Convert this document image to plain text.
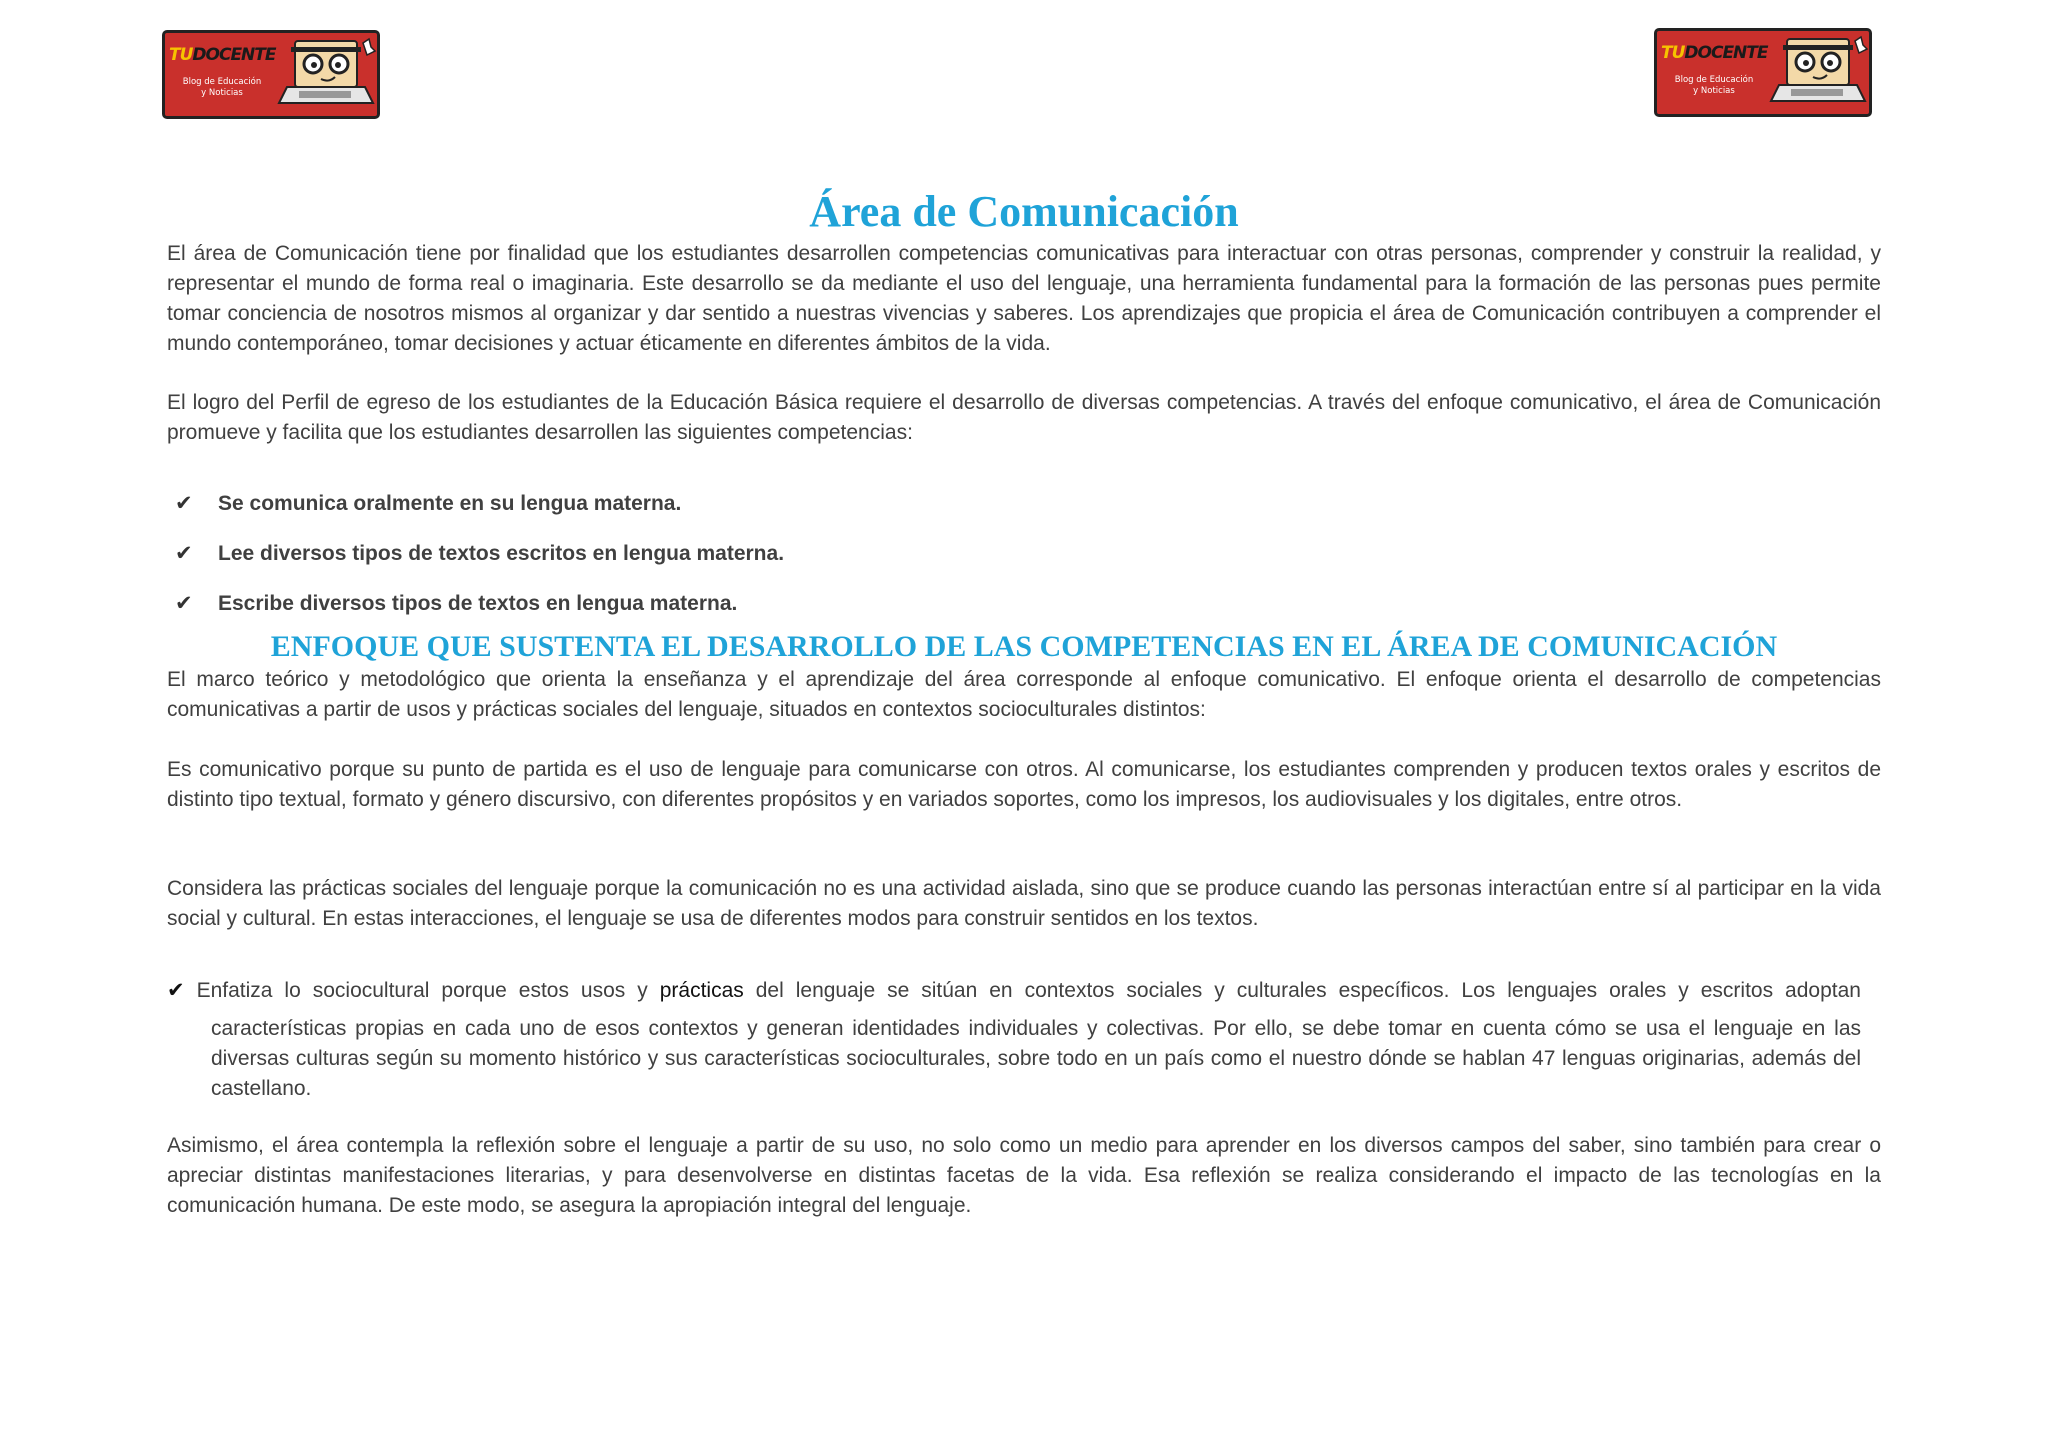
TUDOCENTE
Blog de Educación
y Noticias
TUDOCENTE
Blog de Educación
y Noticias
Área de Comunicación

El área de Comunicación tiene por finalidad que los estudiantes desarrollen competencias comunicativas para interactuar con otras personas, comprender y construir la realidad, y representar el mundo de forma real o imaginaria. Este desarrollo se da mediante el uso del lenguaje, una herramienta fundamental para la formación de las personas pues permite tomar conciencia de nosotros mismos al organizar y dar sentido a nuestras vivencias y saberes. Los aprendizajes que propicia el área de Comunicación contribuyen a comprender el mundo contemporáneo, tomar decisiones y actuar éticamente en diferentes ámbitos de la vida.

El logro del Perfil de egreso de los estudiantes de la Educación Básica requiere el desarrollo de diversas competencias. A través del enfoque comunicativo, el área de Comunicación promueve y facilita que los estudiantes desarrollen las siguientes competencias:

✔ Se comunica oralmente en su lengua materna.
✔ Lee diversos tipos de textos escritos en lengua materna.
✔ Escribe diversos tipos de textos en lengua materna.
ENFOQUE QUE SUSTENTA EL DESARROLLO DE LAS COMPETENCIAS EN EL ÁREA DE COMUNICACIÓN

El marco teórico y metodológico que orienta la enseñanza y el aprendizaje del área corresponde al enfoque comunicativo. El enfoque orienta el desarrollo de competencias comunicativas a partir de usos y prácticas sociales del lenguaje, situados en contextos socioculturales distintos:

Es comunicativo porque su punto de partida es el uso de lenguaje para comunicarse con otros. Al comunicarse, los estudiantes comprenden y producen textos orales y escritos de distinto tipo textual, formato y género discursivo, con diferentes propósitos y en variados soportes, como los impresos, los audiovisuales y los digitales, entre otros.

Considera las prácticas sociales del lenguaje porque la comunicación no es una actividad aislada, sino que se produce cuando las personas interactúan entre sí al participar en la vida social y cultural. En estas interacciones, el lenguaje se usa de diferentes modos para construir sentidos en los textos.

✔ Enfatiza lo sociocultural porque estos usos y prácticas del lenguaje se sitúan en contextos sociales y culturales específicos. Los lenguajes orales y escritos adoptan
características propias en cada uno de esos contextos y generan identidades individuales y colectivas. Por ello, se debe tomar en cuenta cómo se usa el lenguaje en las diversas culturas según su momento histórico y sus características socioculturales, sobre todo en un país como el nuestro dónde se hablan 47 lenguas originarias, además del castellano.

Asimismo, el área contempla la reflexión sobre el lenguaje a partir de su uso, no solo como un medio para aprender en los diversos campos del saber, sino también para crear o apreciar distintas manifestaciones literarias, y para desenvolverse en distintas facetas de la vida. Esa reflexión se realiza considerando el impacto de las tecnologías en la comunicación humana. De este modo, se asegura la apropiación integral del lenguaje.
